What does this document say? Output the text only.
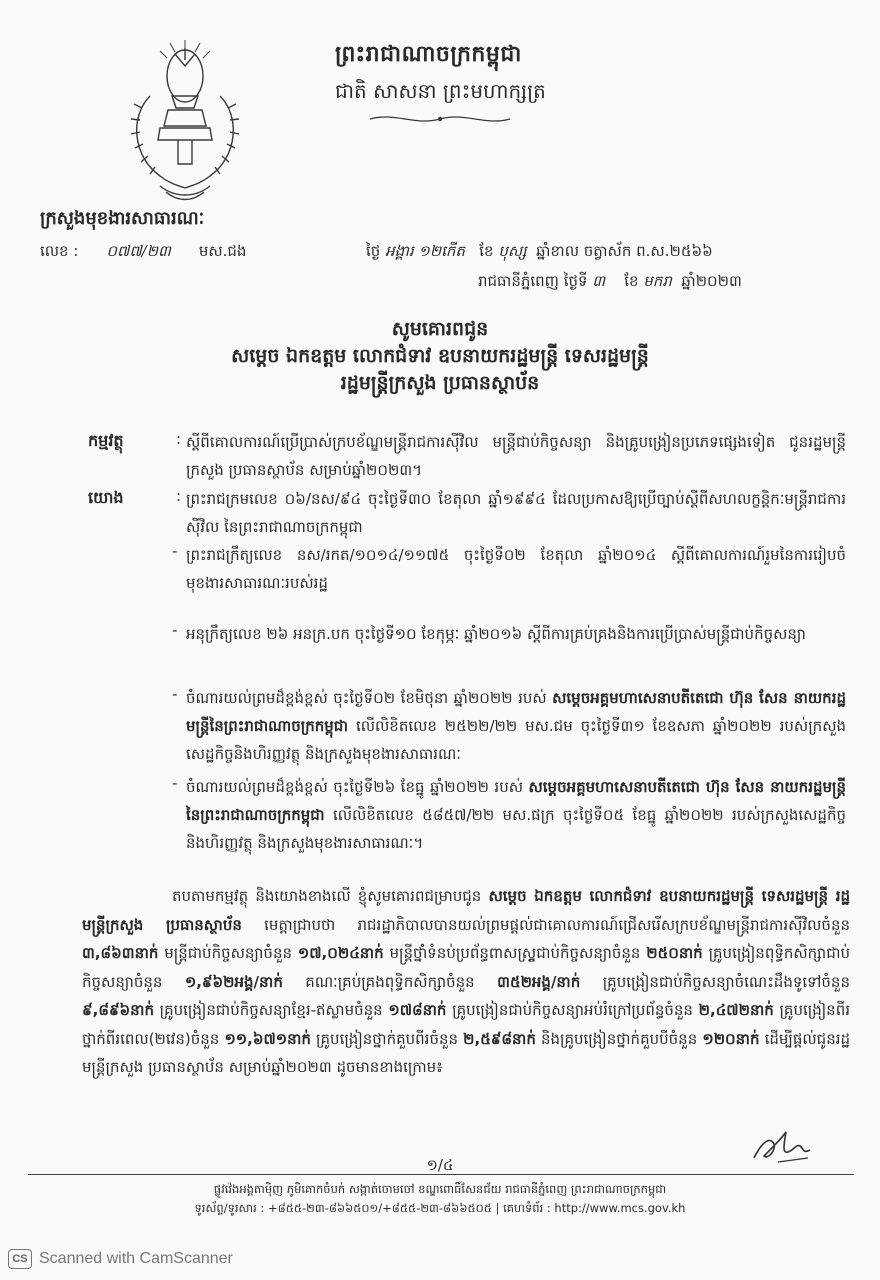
ព្រះរាជាណាចក្រកម្ពុជា
ជាតិ សាសនា ព្រះមហាក្សត្រ
ក្រសួងមុខងារសាធារណៈ
លេខ : ០៧៧/២៣ មស.ជង	ថ្ងៃ អង្គារ ១២កើត ខែ បុស្ស ឆ្នាំខាល ចត្វាស័ក ព.ស.២៥៦៦
រាជធានីភ្នំពេញ ថ្ងៃទី ៣ ខែ មករា ឆ្នាំ២០២៣
សូមគោរពជូន
សម្តេច ឯកឧត្តម លោកជំទាវ ឧបនាយករដ្ឋមន្ត្រី ទេសរដ្ឋមន្ត្រី
រដ្ឋមន្ត្រីក្រសួង ប្រធានស្ថាប័ន
កម្មវត្ថុ	: ស្តីពីគោលការណ៍ប្រើប្រាស់ក្របខ័ណ្ឌមន្ត្រីរាជការស៊ីវិល មន្ត្រីជាប់កិច្ចសន្យា និងគ្រូបង្រៀនប្រភេទផ្សេងទៀត ជូនរដ្ឋមន្ត្រីក្រសួង ប្រធានស្ថាប័ន សម្រាប់ឆ្នាំ២០២៣។
យោង	: ព្រះរាជក្រមលេខ ០៦/នស/៩៤ ចុះថ្ងៃទី៣០ ខែតុលា ឆ្នាំ១៩៩៤ ដែលប្រកាសឱ្យប្រើច្បាប់ស្តីពីសហលក្ខន្តិកៈមន្ត្រីរាជការស៊ីវិល នៃព្រះរាជាណាចក្រកម្ពុជា
- ព្រះរាជក្រឹត្យលេខ នស/រកត/១០១៤/១១៧៥ ចុះថ្ងៃទី០២ ខែតុលា ឆ្នាំ២០១៤ ស្តីពីគោលការណ៍រួមនៃការរៀបចំមុខងារសាធារណៈរបស់រដ្ឋ
- អនុក្រឹត្យលេខ ២៦ អនក្រ.បក ចុះថ្ងៃទី១០ ខែកុម្ភៈ ឆ្នាំ២០១៦ ស្តីពីការគ្រប់គ្រងនិងការប្រើប្រាស់មន្ត្រីជាប់កិច្ចសន្យា
- ចំណារយល់ព្រមដ៏ខ្ពង់ខ្ពស់ ចុះថ្ងៃទី០២ ខែមិថុនា ឆ្នាំ២០២២ របស់ សម្តេចអគ្គមហាសេនាបតីតេជោ ហ៊ុន សែន នាយករដ្ឋមន្ត្រីនៃព្រះរាជាណាចក្រកម្ពុជា លើលិខិតលេខ ២៥២២/២២ មស.ជម ចុះថ្ងៃទី៣១ ខែឧសភា ឆ្នាំ២០២២ របស់ក្រសួងសេដ្ឋកិច្ចនិងហិរញ្ញវត្ថុ និងក្រសួងមុខងារសាធារណៈ
- ចំណារយល់ព្រមដ៏ខ្ពង់ខ្ពស់ ចុះថ្ងៃទី២៦ ខែធ្នូ ឆ្នាំ២០២២ របស់ សម្តេចអគ្គមហាសេនាបតីតេជោ ហ៊ុន សែន នាយករដ្ឋមន្ត្រីនៃព្រះរាជាណាចក្រកម្ពុជា លើលិខិតលេខ ៥៨៥៧/២២ មស.ផក្រ ចុះថ្ងៃទី០៥ ខែធ្នូ ឆ្នាំ២០២២ របស់ក្រសួងសេដ្ឋកិច្ចនិងហិរញ្ញវត្ថុ និងក្រសួងមុខងារសាធារណៈ។
តបតាមកម្មវត្ថុ និងយោងខាងលើ ខ្ញុំសូមគោរពជម្រាបជូន សម្តេច ឯកឧត្តម លោកជំទាវ ឧបនាយករដ្ឋមន្ត្រី ទេសរដ្ឋមន្ត្រី រដ្ឋមន្ត្រីក្រសួង ប្រធានស្ថាប័ន មេត្តាជ្រាបថា រាជរដ្ឋាភិបាលបានយល់ព្រមផ្តល់ជាគោលការណ៍ជ្រើសរើសក្របខ័ណ្ឌមន្ត្រីរាជការស៊ីវិលចំនួន ៣,៨៦៣នាក់ មន្ត្រីជាប់កិច្ចសន្យាចំនួន ១៧,០២៤នាក់ មន្ត្រីថ្នាំទំនប់ប្រព័ន្ធពាសស្វ្រ្តជាប់កិច្ចសន្យាចំនួន ២៥០នាក់ គ្រូបង្រៀនពុទ្ធិកសិក្សាជាប់កិច្ចសន្យាចំនួន ១,៩៦២អង្គ/នាក់ គណៈគ្រប់គ្រងពុទ្ធិកសិក្សាចំនួន ៣៥២អង្គ/នាក់ គ្រូបង្រៀនជាប់កិច្ចសន្យាចំណេះដឹងទូទៅចំនួន ៩,៨៩៦នាក់ គ្រូបង្រៀនជាប់កិច្ចសន្យាខ្មែរ-ឥស្លាមចំនួន ១៧៨នាក់ គ្រូបង្រៀនជាប់កិច្ចសន្យាអប់រំក្រៅប្រព័ន្ធចំនួន ២,៤៧២នាក់ គ្រូបង្រៀនពីរថ្នាក់ពីរពេល(២វេន)ចំនួន ១១,៦៧១នាក់ គ្រូបង្រៀនថ្នាក់គួបពីរចំនួន ២,៥៩៨នាក់ និងគ្រូបង្រៀនថ្នាក់គួបបីចំនួន ១២០នាក់ ដើម្បីផ្តល់ជូនរដ្ឋមន្ត្រីក្រសួង ប្រធានស្ថាប័ន សម្រាប់ឆ្នាំ២០២៣ ដូចមានខាងក្រោម៖
១/៤
ផ្លូវវ៉េងអង្គតាម៉ិញ ភូមិគោកចំបក់ សង្កាត់ចោមចៅ ខណ្ឌពោធិ៍សែនជ័យ រាជធានីភ្នំពេញ ព្រះរាជាណាចក្រកម្ពុជា
ទូរស័ព្ទ/ទូរសារ : +៨៥៥-២៣-៨៦៦៥០១/+៨៥៥-២៣-៨៦៦៥០៥ | គេហទំព័រ : http://www.mcs.gov.kh
CS Scanned with CamScanner
